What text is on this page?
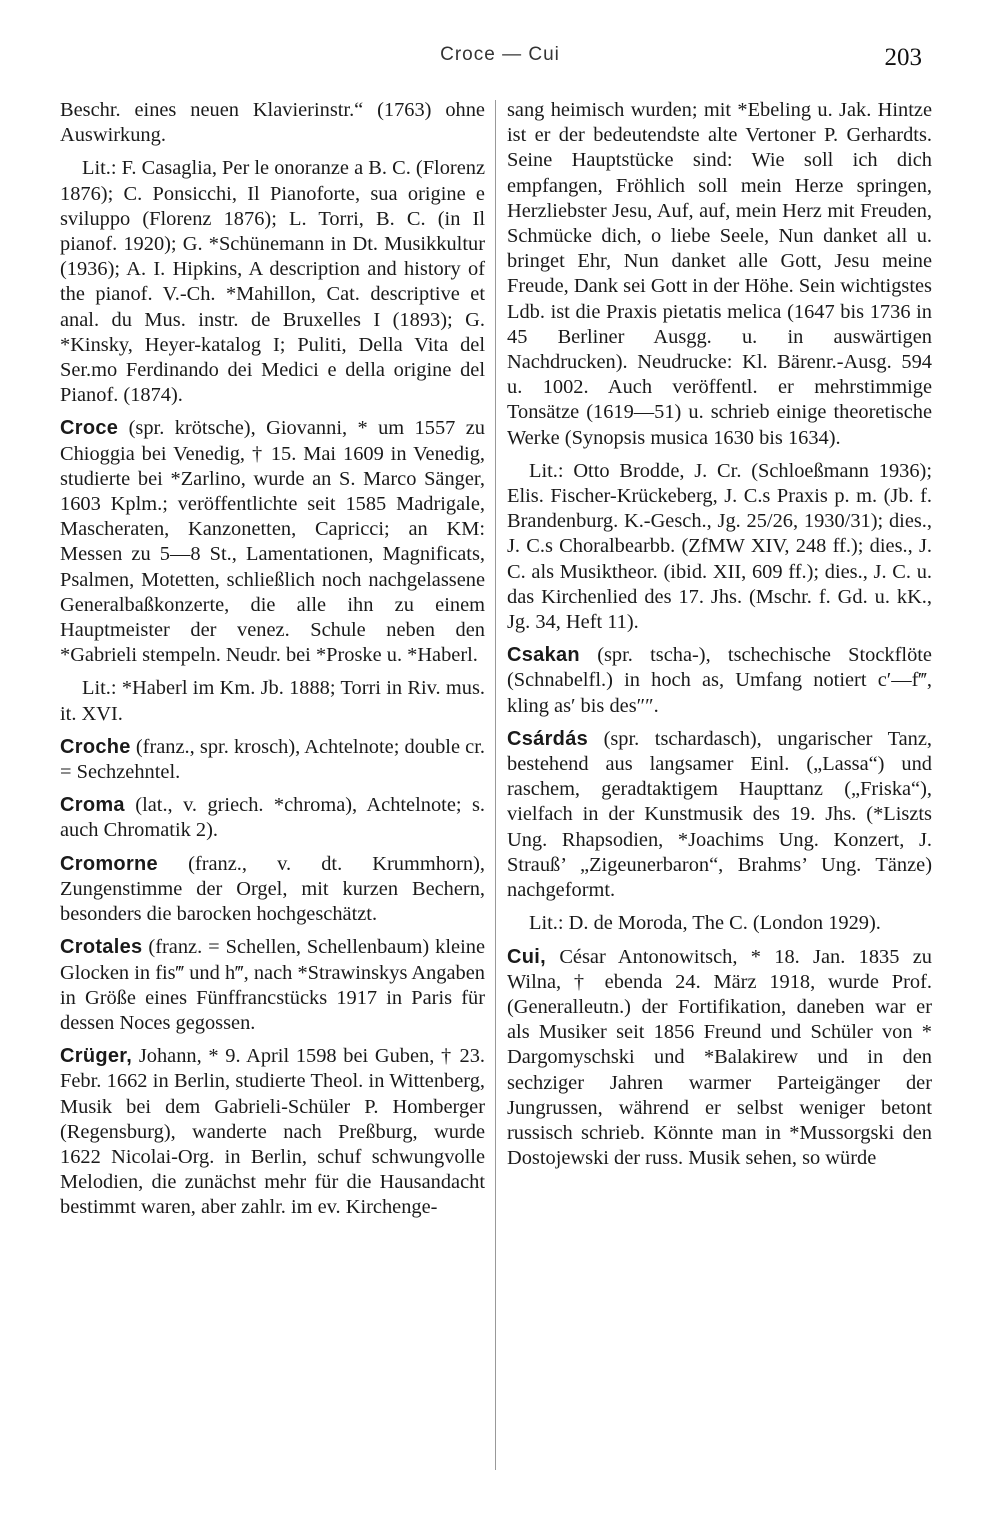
Croce — Cui	203

Beschr. eines neuen Klavierinstr.“ (1763) ohne Auswirkung.

Lit.: F. Casaglia, Per le onoranze a B. C. (Florenz 1876); C. Ponsicchi, Il Pianoforte, sua origine e sviluppo (Florenz 1876); L. Torri, B. C. (in Il pianof. 1920); G. *Schünemann in Dt. Musikkultur (1936); A. I. Hipkins, A description and history of the pianof. V.-Ch. *Mahillon, Cat. descriptive et anal. du Mus. instr. de Bruxelles I (1893); G. *Kinsky, Heyer-katalog I; Puliti, Della Vita del Ser.mo Ferdinando dei Medici e della origine del Pianof. (1874).

Croce (spr. krötsche), Giovanni, * um 1557 zu Chioggia bei Venedig, † 15. Mai 1609 in Venedig, studierte bei *Zarlino, wurde an S. Marco Sänger, 1603 Kplm.; veröffentlichte seit 1585 Madrigale, Mascheraten, Kanzonetten, Capricci; an KM: Messen zu 5—8 St., Lamentationen, Magnificats, Psalmen, Motetten, schließlich noch nachgelassene Generalbaßkonzerte, die alle ihn zu einem Hauptmeister der venez. Schule neben den *Gabrieli stempeln. Neudr. bei *Proske u. *Haberl.

Lit.: *Haberl im Km. Jb. 1888; Torri in Riv. mus. it. XVI.

Croche (franz., spr. krosch), Achtelnote; double cr. = Sechzehntel.

Croma (lat., v. griech. *chroma), Achtelnote; s. auch Chromatik 2).

Cromorne (franz., v. dt. Krummhorn), Zungenstimme der Orgel, mit kurzen Bechern, besonders die barocken hochgeschätzt.

Crotales (franz. = Schellen, Schellenbaum) kleine Glocken in fis‴ und h‴, nach *Strawinskys Angaben in Größe eines Fünffrancstücks 1917 in Paris für dessen Noces gegossen.

Crüger, Johann, * 9. April 1598 bei Guben, † 23. Febr. 1662 in Berlin, studierte Theol. in Wittenberg, Musik bei dem Gabrieli-Schüler P. Homberger (Regensburg), wanderte nach Preßburg, wurde 1622 Nicolai-Org. in Berlin, schuf schwungvolle Melodien, die zunächst mehr für die Hausandacht bestimmt waren, aber zahlr. im ev. Kirchenge-

sang heimisch wurden; mit *Ebeling u. Jak. Hintze ist er der bedeutendste alte Vertoner P. Gerhardts. Seine Hauptstücke sind: Wie soll ich dich empfangen, Fröhlich soll mein Herze springen, Herzliebster Jesu, Auf, auf, mein Herz mit Freuden, Schmücke dich, o liebe Seele, Nun danket all u. bringet Ehr, Nun danket alle Gott, Jesu meine Freude, Dank sei Gott in der Höhe. Sein wichtigstes Ldb. ist die Praxis pietatis melica (1647 bis 1736 in 45 Berliner Ausgg. u. in auswärtigen Nachdrucken). Neudrucke: Kl. Bärenr.-Ausg. 594 u. 1002. Auch veröffentl. er mehrstimmige Tonsätze (1619—51) u. schrieb einige theoretische Werke (Synopsis musica 1630 bis 1634).

Lit.: Otto Brodde, J. Cr. (Schloeßmann 1936); Elis. Fischer-Krückeberg, J. C.s Praxis p. m. (Jb. f. Brandenburg. K.-Gesch., Jg. 25/26, 1930/31); dies., J. C.s Choralbearbb. (ZfMW XIV, 248 ff.); dies., J. C. als Musiktheor. (ibid. XII, 609 ff.); dies., J. C. u. das Kirchenlied des 17. Jhs. (Mschr. f. Gd. u. kK., Jg. 34, Heft 11).

Csakan (spr. tscha-), tschechische Stockflöte (Schnabelfl.) in hoch as, Umfang notiert c′—f‴, kling as′ bis des″″.

Csárdás (spr. tschardasch), ungarischer Tanz, bestehend aus langsamer Einl. („Lassa“) und raschem, geradtaktigem Haupttanz („Friska“), vielfach in der Kunstmusik des 19. Jhs. (*Liszts Ung. Rhapsodien, *Joachims Ung. Konzert, J. Strauß’ „Zigeunerbaron“, Brahms’ Ung. Tänze) nachgeformt.

Lit.: D. de Moroda, The C. (London 1929).

Cui, César Antonowitsch, * 18. Jan. 1835 zu Wilna, † ebenda 24. März 1918, wurde Prof. (Generalleutn.) der Fortifikation, daneben war er als Musiker seit 1856 Freund und Schüler von * Dargomyschski und *Balakirew und in den sechziger Jahren warmer Parteigänger der Jungrussen, während er selbst weniger betont russisch schrieb. Könnte man in *Mussorgski den Dostojewski der russ. Musik sehen, so würde
